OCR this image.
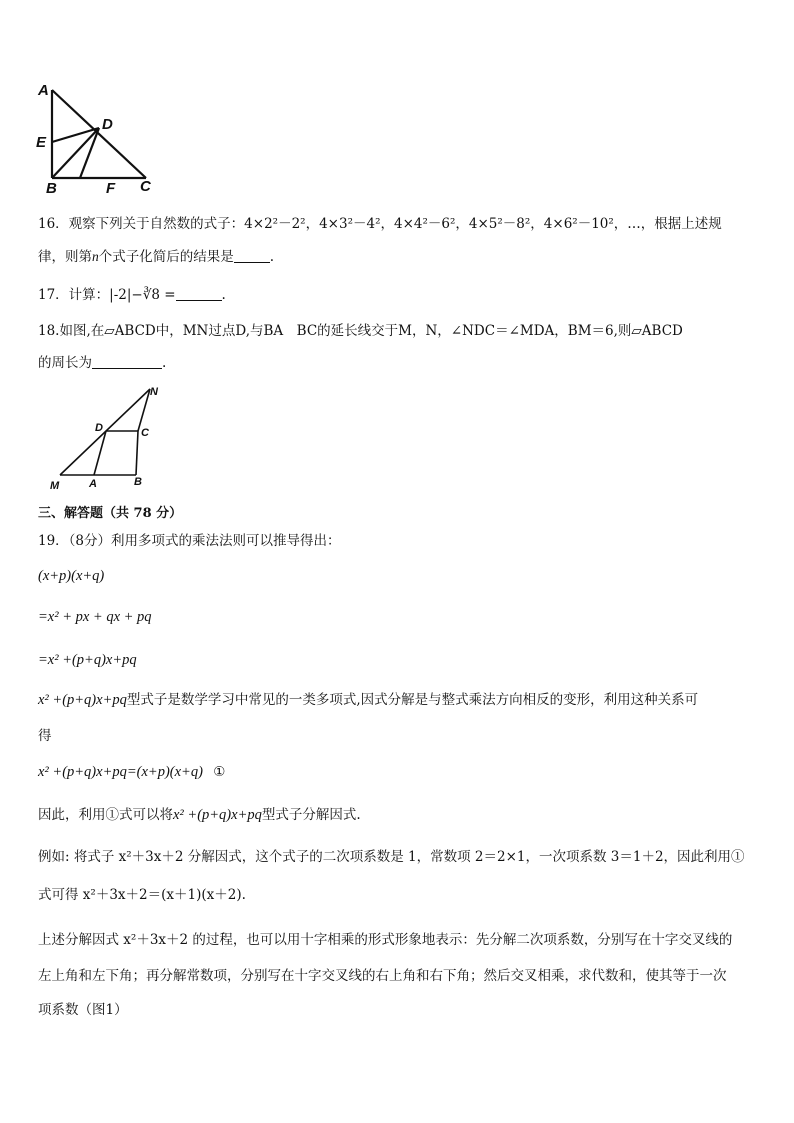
A
E
D
B	F C
16．观察下列关于自然数的式子：4×2²－2²，4×3²－4²，4×4²－6²，4×5²－8²，4×6²－10²，…，根据上述规
律，则第n个式子化简后的结果是	.
17．计算：|-2|−∛8 =	.
18.如图,在▱ABCD中，MN过点D,与BA　BC的延长线交于M，N，∠NDC＝∠MDA，BM＝6,则▱ABCD
的周长为	.
N
D	C
M	A	B
三、解答题（共 78 分）
19．（8分）利用多项式的乘法法则可以推导得出：
(x+p)(x+q)
=x² + px + qx + pq
=x² +(p+q)x+pq
x² +(p+q)x+pq型式子是数学学习中常见的一类多项式,因式分解是与整式乘法方向相反的变形，利用这种关系可
得
x² +(p+q)x+pq=(x+p)(x+q) ①
因此，利用①式可以将x² +(p+q)x+pq型式子分解因式.
例如: 将式子 x²＋3x＋2 分解因式，这个式子的二次项系数是 1，常数项 2＝2×1，一次项系数 3＝1＋2，因此利用①
式可得 x²＋3x＋2＝(x＋1)(x＋2).
上述分解因式 x²＋3x＋2 的过程，也可以用十字相乘的形式形象地表示：先分解二次项系数，分别写在十字交叉线的
左上角和左下角；再分解常数项，分别写在十字交叉线的右上角和右下角；然后交叉相乘，求代数和，使其等于一次
项系数（图1）
